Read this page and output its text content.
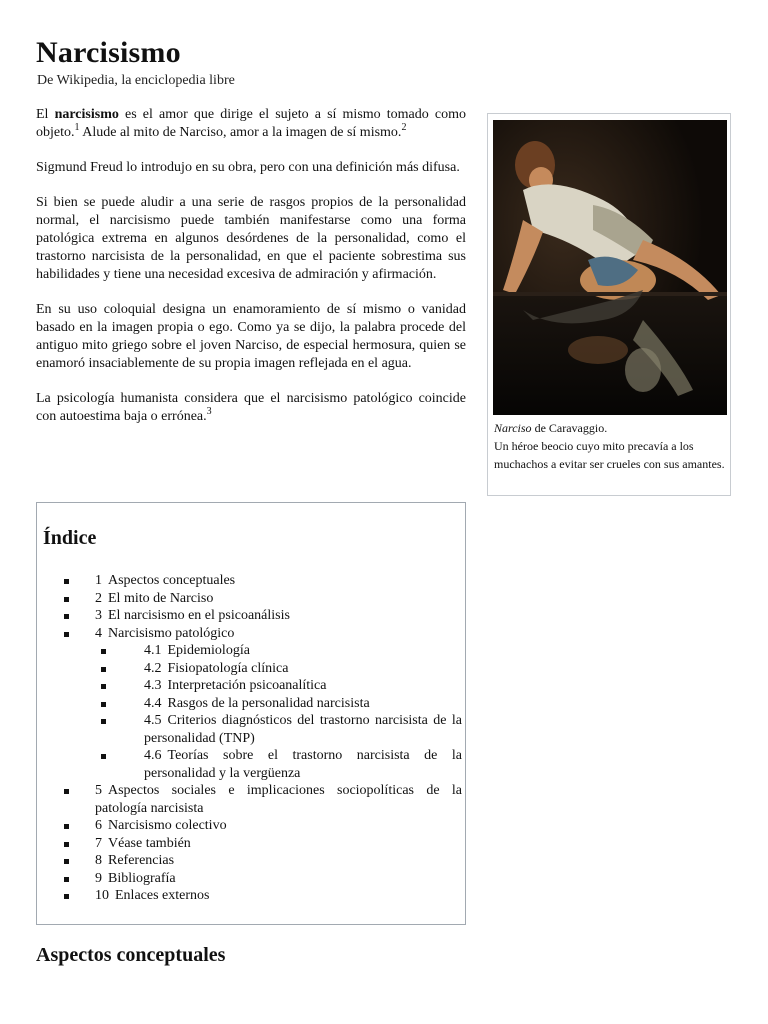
Narcisismo
De Wikipedia, la enciclopedia libre

El narcisismo es el amor que dirige el sujeto a sí mismo tomado como objeto.$^1$ Alude al mito de Narciso, amor a la imagen de sí mismo.$^2$

Sigmund Freud lo introdujo en su obra, pero con una definición más difusa.

Si bien se puede aludir a una serie de rasgos propios de la personalidad normal, el narcisismo puede también manifestarse como una forma patológica extrema en algunos desórdenes de la personalidad, como el trastorno narcisista de la personalidad, en que el paciente sobrestima sus habilidades y tiene una necesidad excesiva de admiración y afirmación.

En su uso coloquial designa un enamoramiento de sí mismo o vanidad basado en la imagen propia o ego. Como ya se dijo, la palabra procede del antiguo mito griego sobre el joven Narciso, de especial hermosura, quien se enamoró insaciablemente de su propia imagen reflejada en el agua.

La psicología humanista considera que el narcisismo patológico coincide con autoestima baja o errónea.$^3$

Narciso de Caravaggio.
Un héroe beocio cuyo mito precavía a los muchachos a evitar ser crueles con sus amantes.
Índice
1 Aspectos conceptuales
2 El mito de Narciso
3 El narcisismo en el psicoanálisis
4 Narcisismo patológico
4.1 Epidemiología
4.2 Fisiopatología clínica
4.3 Interpretación psicoanalítica
4.4 Rasgos de la personalidad narcisista
4.5 Criterios diagnósticos del trastorno narcisista de la personalidad (TNP)
4.6 Teorías sobre el trastorno narcisista de la personalidad y la vergüenza
5 Aspectos sociales e implicaciones sociopolíticas de la patología narcisista
6 Narcisismo colectivo
7 Véase también
8 Referencias
9 Bibliografía
10 Enlaces externos
Aspectos conceptuales
